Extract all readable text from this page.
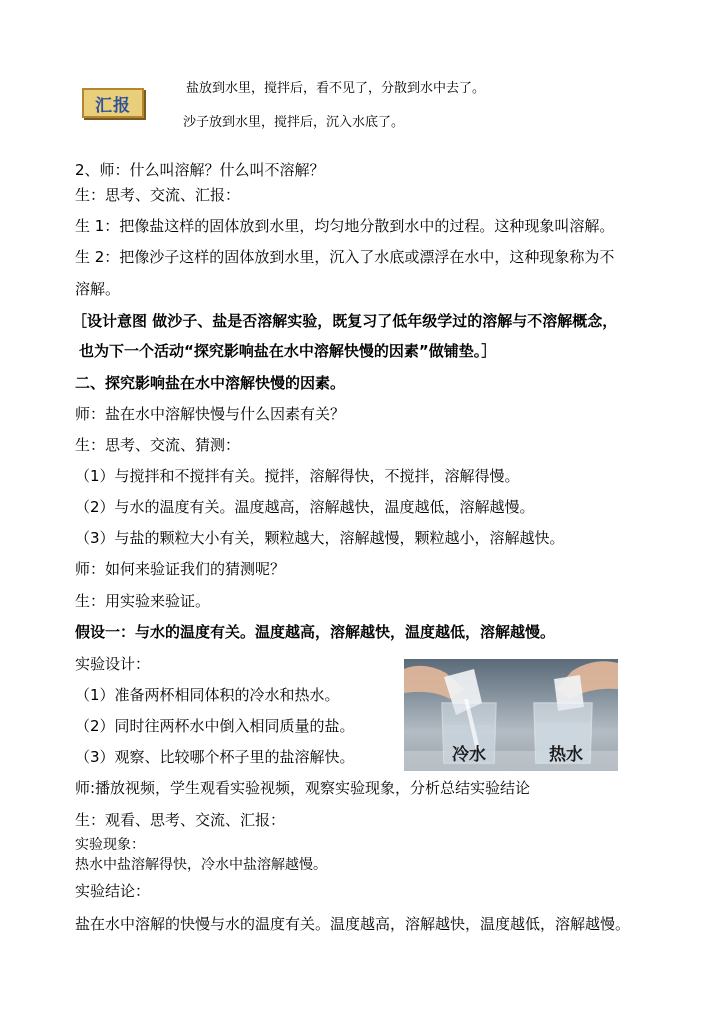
汇报
盐放到水里，搅拌后，看不见了，分散到水中去了。
沙子放到水里，搅拌后，沉入水底了。
2、师：什么叫溶解？什么叫不溶解？
生：思考、交流、汇报：
生 1：把像盐这样的固体放到水里，均匀地分散到水中的过程。这种现象叫溶解。
生 2：把像沙子这样的固体放到水里，沉入了水底或漂浮在水中，这种现象称为不
溶解。
［设计意图 做沙子、盐是否溶解实验，既复习了低年级学过的溶解与不溶解概念，
也为下一个活动“探究影响盐在水中溶解快慢的因素”做铺垫。］
二、探究影响盐在水中溶解快慢的因素。
师：盐在水中溶解快慢与什么因素有关？
生：思考、交流、猜测：
（1）与搅拌和不搅拌有关。搅拌，溶解得快，不搅拌，溶解得慢。
（2）与水的温度有关。温度越高，溶解越快，温度越低，溶解越慢。
（3）与盐的颗粒大小有关，颗粒越大，溶解越慢，颗粒越小，溶解越快。
师：如何来验证我们的猜测呢？
生：用实验来验证。
假设一：与水的温度有关。温度越高，溶解越快，温度越低，溶解越慢。
实验设计：
（1）准备两杯相同体积的冷水和热水。
（2）同时往两杯水中倒入相同质量的盐。
（3）观察、比较哪个杯子里的盐溶解快。	冷水	热水
师:播放视频，学生观看实验视频，观察实验现象，分析总结实验结论
生：观看、思考、交流、汇报：
实验现象：
热水中盐溶解得快，冷水中盐溶解越慢。
实验结论：
盐在水中溶解的快慢与水的温度有关。温度越高，溶解越快，温度越低，溶解越慢。
